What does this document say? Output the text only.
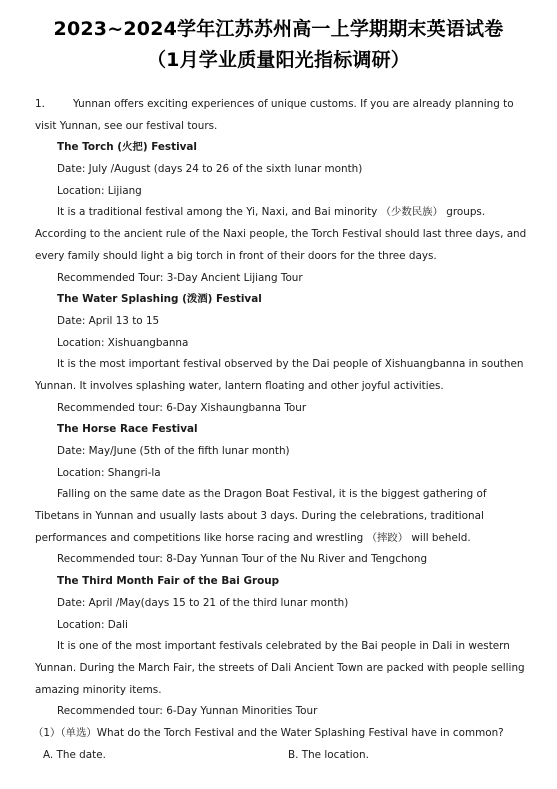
2023~2024学年江苏苏州高一上学期期末英语试卷
（1月学业质量阳光指标调研）
1． Yunnan offers exciting experiences of unique customs. If you are already planning to
visit Yunnan, see our festival tours.
The Torch (火把) Festival
Date: July /August (days 24 to 26 of the sixth lunar month)
Location: Lijiang
It is a traditional festival among the Yi, Naxi, and Bai minority （少数民族） groups.
According to the ancient rule of the Naxi people, the Torch Festival should last three days, and
every family should light a big torch in front of their doors for the three days.
Recommended Tour: 3-Day Ancient Lijiang Tour
The Water Splashing (泼酒) Festival
Date: April 13 to 15
Location: Xishuangbanna
It is the most important festival observed by the Dai people of Xishuangbanna in southen
Yunnan. It involves splashing water, lantern floating and other joyful activities.
Recommended tour: 6-Day Xishaungbanna Tour
The Horse Race Festival
Date: May/June (5th of the fifth lunar month)
Location: Shangri-la
Falling on the same date as the Dragon Boat Festival, it is the biggest gathering of
Tibetans in Yunnan and usually lasts about 3 days. During the celebrations, traditional
performances and competitions like horse racing and wrestling （摔跤） will beheld.
Recommended tour: 8-Day Yunnan Tour of the Nu River and Tengchong
The Third Month Fair of the Bai Group
Date: April /May(days 15 to 21 of the third lunar month)
Location: Dali
It is one of the most important festivals celebrated by the Bai people in Dali in western
Yunnan. During the March Fair, the streets of Dali Ancient Town are packed with people selling
amazing minority items.
Recommended tour: 6-Day Yunnan Minorities Tour
（1）（单选）What do the Torch Festival and the Water Splashing Festival have in common?
A. The date.	B. The location.
